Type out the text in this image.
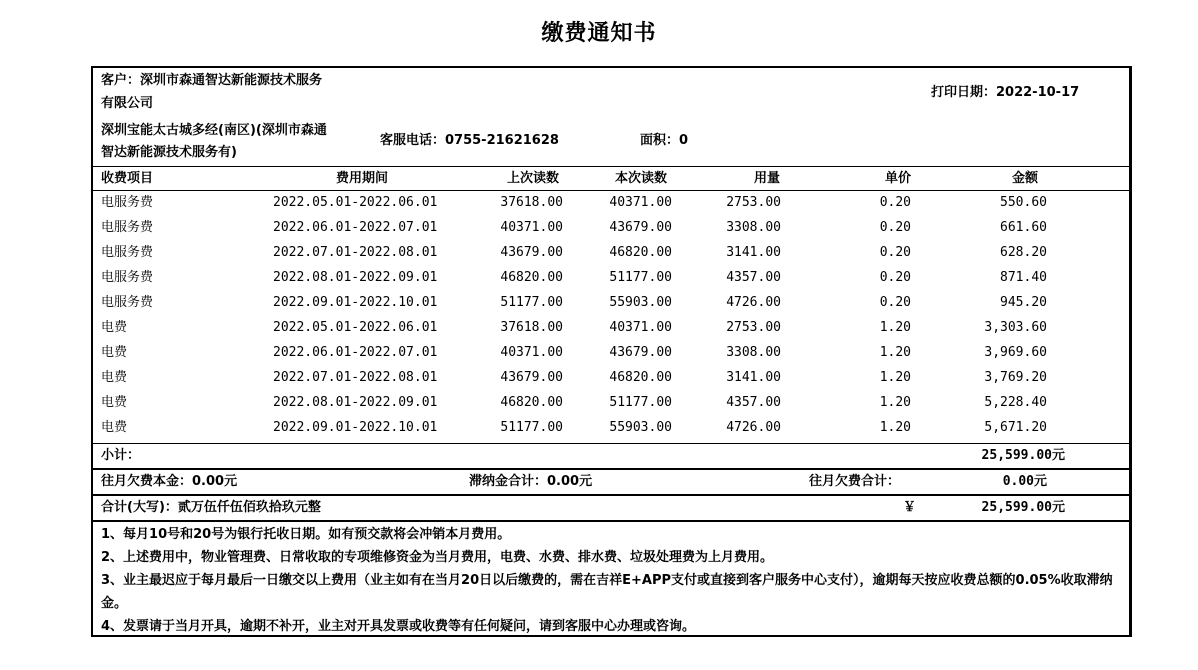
缴费通知书
客户：深圳市森通智达新能源技术服务
有限公司
打印日期：2022-10-17
深圳宝能太古城多经(南区)(深圳市森通
智达新能源技术服务有)
客服电话：0755-21621628	面积：0
收费项目	费用期间	上次读数	本次读数	用量	单价	金额
电服务费	2022.05.01-2022.06.01	37618.00	40371.00	2753.00	0.20	550.60
电服务费	2022.06.01-2022.07.01	40371.00	43679.00	3308.00	0.20	661.60
电服务费	2022.07.01-2022.08.01	43679.00	46820.00	3141.00	0.20	628.20
电服务费	2022.08.01-2022.09.01	46820.00	51177.00	4357.00	0.20	871.40
电服务费	2022.09.01-2022.10.01	51177.00	55903.00	4726.00	0.20	945.20
电费	2022.05.01-2022.06.01	37618.00	40371.00	2753.00	1.20	3,303.60
电费	2022.06.01-2022.07.01	40371.00	43679.00	3308.00	1.20	3,969.60
电费	2022.07.01-2022.08.01	43679.00	46820.00	3141.00	1.20	3,769.20
电费	2022.08.01-2022.09.01	46820.00	51177.00	4357.00	1.20	5,228.40
电费	2022.09.01-2022.10.01	51177.00	55903.00	4726.00	1.20	5,671.20
小计：	25,599.00元
往月欠费本金：0.00元	滞纳金合计：0.00元	往月欠费合计：	0.00元
合计(大写)：贰万伍仟伍佰玖拾玖元整	￥	25,599.00元
1、每月10号和20号为银行托收日期。如有预交款将会冲销本月费用。
2、上述费用中，物业管理费、日常收取的专项维修资金为当月费用，电费、水费、排水费、垃圾处理费为上月费用。
3、业主最迟应于每月最后一日缴交以上费用（业主如有在当月20日以后缴费的，需在吉祥E+APP支付或直接到客户服务中心支付），逾期每天按应收费总额的0.05%收取滞纳金。
4、发票请于当月开具，逾期不补开，业主对开具发票或收费等有任何疑问，请到客服中心办理或咨询。
